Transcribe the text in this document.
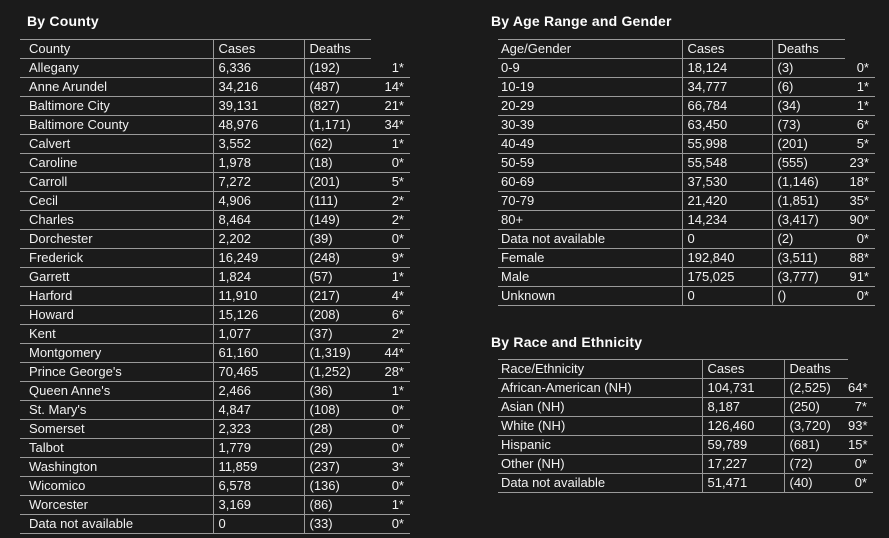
By County
County	Cases	Deaths	
Allegany	6,336	(192)	1*
Anne Arundel	34,216	(487)	14*
Baltimore City	39,131	(827)	21*
Baltimore County	48,976	(1,171)	34*
Calvert	3,552	(62)	1*
Caroline	1,978	(18)	0*
Carroll	7,272	(201)	5*
Cecil	4,906	(111)	2*
Charles	8,464	(149)	2*
Dorchester	2,202	(39)	0*
Frederick	16,249	(248)	9*
Garrett	1,824	(57)	1*
Harford	11,910	(217)	4*
Howard	15,126	(208)	6*
Kent	1,077	(37)	2*
Montgomery	61,160	(1,319)	44*
Prince George's	70,465	(1,252)	28*
Queen Anne's	2,466	(36)	1*
St. Mary's	4,847	(108)	0*
Somerset	2,323	(28)	0*
Talbot	1,779	(29)	0*
Washington	11,859	(237)	3*
Wicomico	6,578	(136)	0*
Worcester	3,169	(86)	1*
Data not available	0	(33)	0*
By Age Range and Gender
Age/Gender	Cases	Deaths	
0-9	18,124	(3)	0*
10-19	34,777	(6)	1*
20-29	66,784	(34)	1*
30-39	63,450	(73)	6*
40-49	55,998	(201)	5*
50-59	55,548	(555)	23*
60-69	37,530	(1,146)	18*
70-79	21,420	(1,851)	35*
80+	14,234	(3,417)	90*
Data not available	0	(2)	0*
Female	192,840	(3,511)	88*
Male	175,025	(3,777)	91*
Unknown	0	()	0*
By Race and Ethnicity
Race/Ethnicity	Cases	Deaths	
African-American (NH)	104,731	(2,525)	64*
Asian (NH)	8,187	(250)	7*
White (NH)	126,460	(3,720)	93*
Hispanic	59,789	(681)	15*
Other (NH)	17,227	(72)	0*
Data not available	51,471	(40)	0*
